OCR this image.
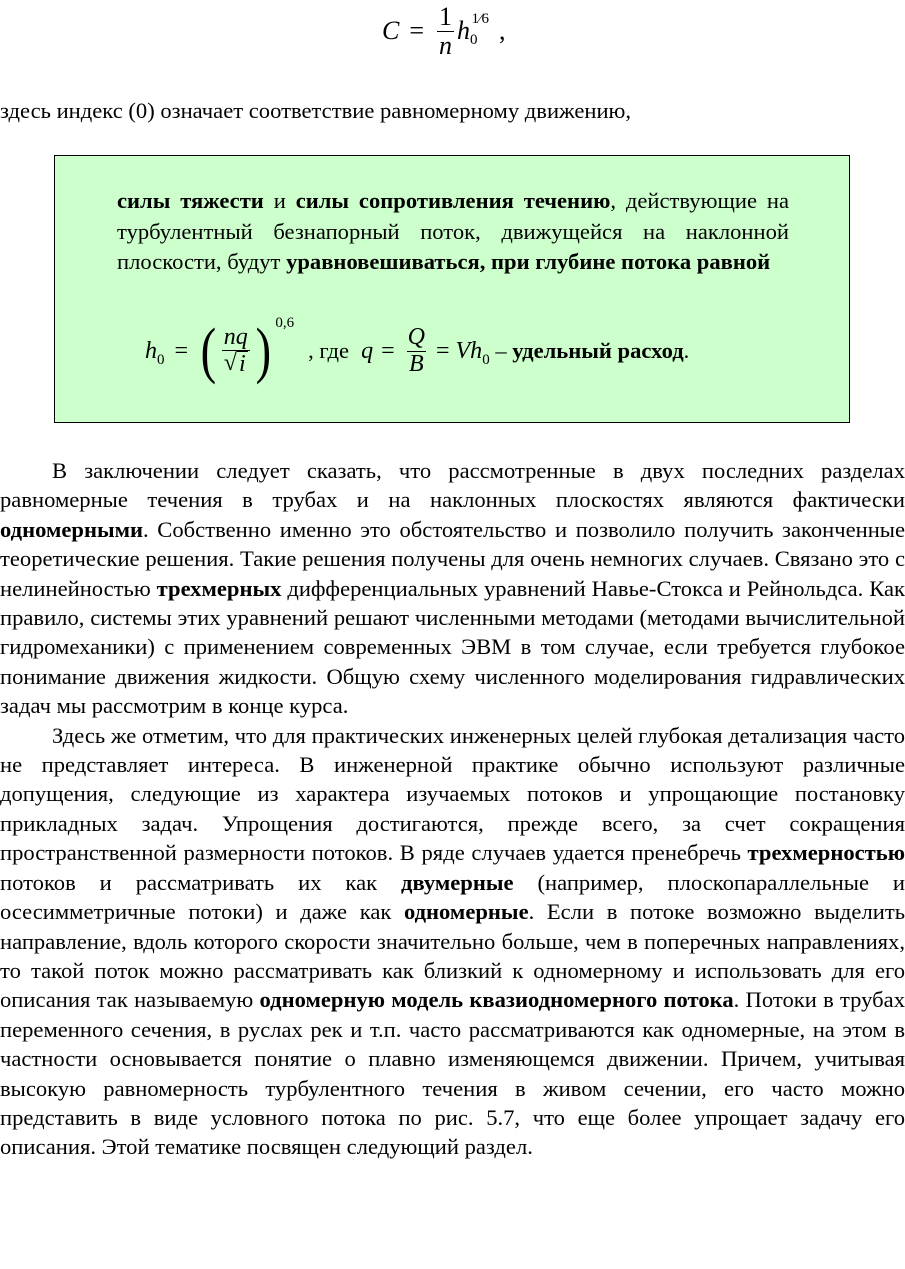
$C = \frac{1}{n}$ h 0
1⁄6 ,
здесь индекс (0) означает соответствие равномерному движению,
силы тяжести и силы сопротивления течению, действующие на турбулентный безнапорный поток, движущейся на наклонной плоскости, будут уравновешиваться, при глубине потока равной
h 0 = ( $\frac{nq}{√ i}$ ) 0,6
, где $q = \frac{Q}{B} = Vh$ 0 – удельный расход .

В заключении следует сказать, что рассмотренные в двух последних разделах равномерные течения в трубах и на наклонных плоскостях являются фактически одномерными. Собственно именно это обстоятельство и позволило получить законченные теоретические решения. Такие решения получены для очень немногих случаев. Связано это с нелинейностью трехмерных дифференциальных уравнений Навье-Стокса и Рейнольдса. Как правило, системы этих уравнений решают численными методами (методами вычислительной гидромеханики) с применением современных ЭВМ в том случае, если требуется глубокое понимание движения жидкости. Общую схему численного моделирования гидравлических задач мы рассмотрим в конце курса.

Здесь же отметим, что для практических инженерных целей глубокая детализация часто не представляет интереса. В инженерной практике обычно используют различные допущения, следующие из характера изучаемых потоков и упрощающие постановку прикладных задач. Упрощения достигаются, прежде всего, за счет сокращения пространственной размерности потоков. В ряде случаев удается пренебречь трехмерностью потоков и рассматривать их как двумерные (например, плоскопараллельные и осесимметричные потоки) и даже как одномерные. Если в потоке возможно выделить направление, вдоль которого скорости значительно больше, чем в поперечных направлениях, то такой поток можно рассматривать как близкий к одномерному и использовать для его описания так называемую одномерную модель квазиодномерного потока. Потоки в трубах переменного сечения, в руслах рек и т.п. часто рассматриваются как одномерные, на этом в частности основывается понятие о плавно изменяющемся движении. Причем, учитывая высокую равномерность турбулентного течения в живом сечении, его часто можно представить в виде условного потока по рис. 5.7, что еще более упрощает задачу его описания. Этой тематике посвящен следующий раздел.
